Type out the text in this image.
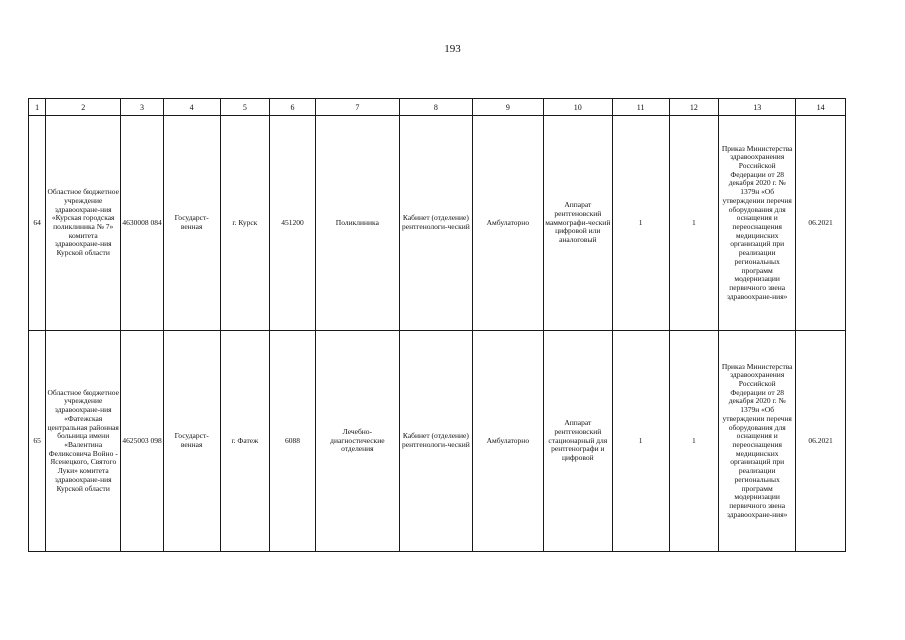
193
1	2	3	4	5	6	7	8	9	10	11	12	13	14
64	Областное бюджетное учреждение здравоохране-ния «Курская городская поликлиника № 7» комитета здравоохране-ния Курской области	4630008 084	Государст-венная	г. Курск	451200	Поликлиника	Кабинет (отделение) рентгенологи-ческий	Амбулаторно	Аппарат рентгеновский маммографи-ческий цифровой или аналоговый	1	1	Приказ Министерства здравоохранения Российской Федерации от 28 декабря 2020 г. № 1379н «Об утверждении перечня оборудования для оснащения и переоснащения медицинских организаций при реализации региональных программ модернизации первичного звена здравоохране-ния»	06.2021
65	Областное бюджетное учреждение здравоохране-ния «Фатежская центральная районная больница имени «Валентина Феликсовича Войно - Ясенецкого, Святого Луки» комитета здравоохране-ния Курской области	4625003 098	Государст-венная	г. Фатеж	6088	Лечебно-диагностические отделения	Кабинет (отделение) рентгенологи-ческий	Амбулаторно	Аппарат рентгеновский стационарный для рентгенографи и цифровой	1	1	Приказ Министерства здравоохранения Российской Федерации от 28 декабря 2020 г. № 1379н «Об утверждении перечня оборудования для оснащения и переоснащения медицинских организаций при реализации региональных программ модернизации первичного звена здравоохране-ния»	06.2021
